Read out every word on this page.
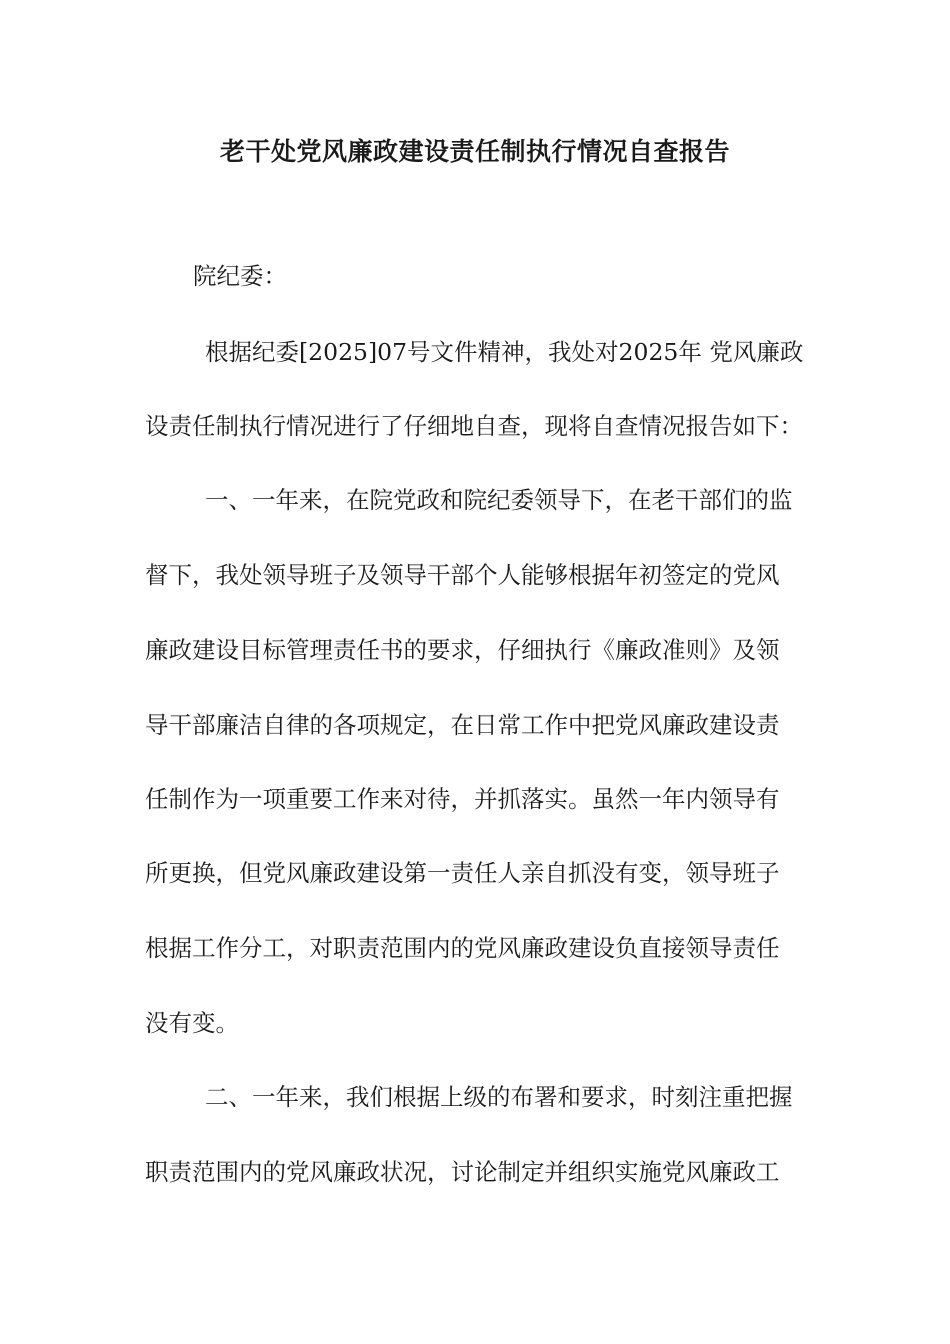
老干处党风廉政建设责任制执行情况自查报告

院纪委：

根据纪委[2025]07号文件精神，我处对2025年 党风廉政

设责任制执行情况进行了仔细地自查，现将自查情况报告如下：

一、一年来，在院党政和院纪委领导下，在老干部们的监

督下，我处领导班子及领导干部个人能够根据年初签定的党风

廉政建设目标管理责任书的要求，仔细执行《廉政准则》及领

导干部廉洁自律的各项规定，在日常工作中把党风廉政建设责

任制作为一项重要工作来对待，并抓落实。虽然一年内领导有

所更换，但党风廉政建设第一责任人亲自抓没有变，领导班子

根据工作分工，对职责范围内的党风廉政建设负直接领导责任

没有变。

二、一年来，我们根据上级的布署和要求，时刻注重把握

职责范围内的党风廉政状况，讨论制定并组织实施党风廉政工
